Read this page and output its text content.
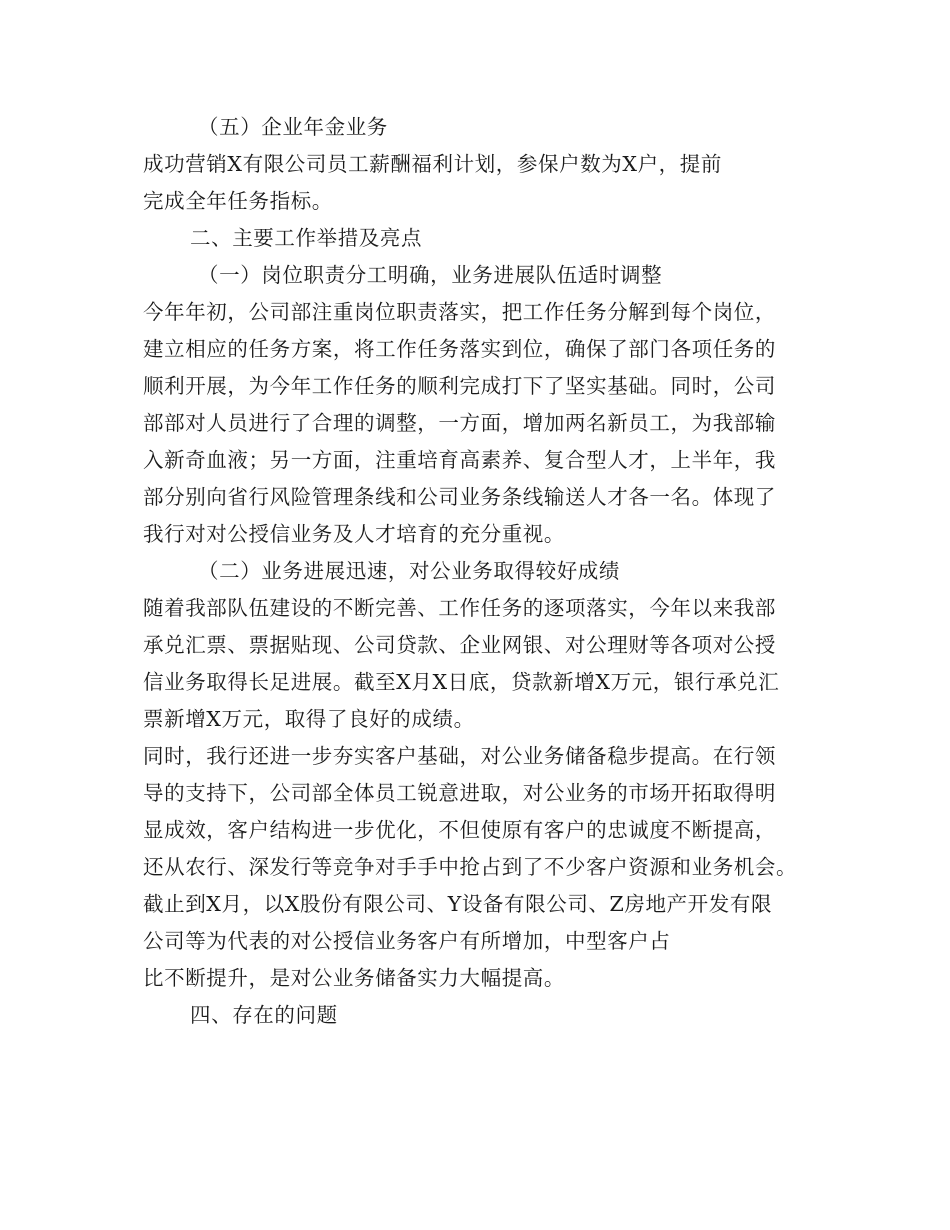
（五）企业年金业务
成功营销X有限公司员工薪酬福利计划，参保户数为X户，提前
完成全年任务指标。
二、主要工作举措及亮点
（一）岗位职责分工明确，业务进展队伍适时调整
今年年初，公司部注重岗位职责落实，把工作任务分解到每个岗位，
建立相应的任务方案，将工作任务落实到位，确保了部门各项任务的
顺利开展，为今年工作任务的顺利完成打下了坚实基础。同时，公司
部部对人员进行了合理的调整，一方面，增加两名新员工，为我部输
入新奇血液；另一方面，注重培育高素养、复合型人才，上半年，我
部分别向省行风险管理条线和公司业务条线输送人才各一名。体现了
我行对对公授信业务及人才培育的充分重视。
（二）业务进展迅速，对公业务取得较好成绩
随着我部队伍建设的不断完善、工作任务的逐项落实，今年以来我部
承兑汇票、票据贴现、公司贷款、企业网银、对公理财等各项对公授
信业务取得长足进展。截至X月X日底，贷款新增X万元，银行承兑汇
票新增X万元，取得了良好的成绩。
同时，我行还进一步夯实客户基础，对公业务储备稳步提高。在行领
导的支持下，公司部全体员工锐意进取，对公业务的市场开拓取得明
显成效，客户结构进一步优化，不但使原有客户的忠诚度不断提高，
还从农行、深发行等竞争对手手中抢占到了不少客户资源和业务机会。
截止到X月，以X股份有限公司、Y设备有限公司、Z房地产开发有限
公司等为代表的对公授信业务客户有所增加，中型客户占
比不断提升，是对公业务储备实力大幅提高。
四、存在的问题
